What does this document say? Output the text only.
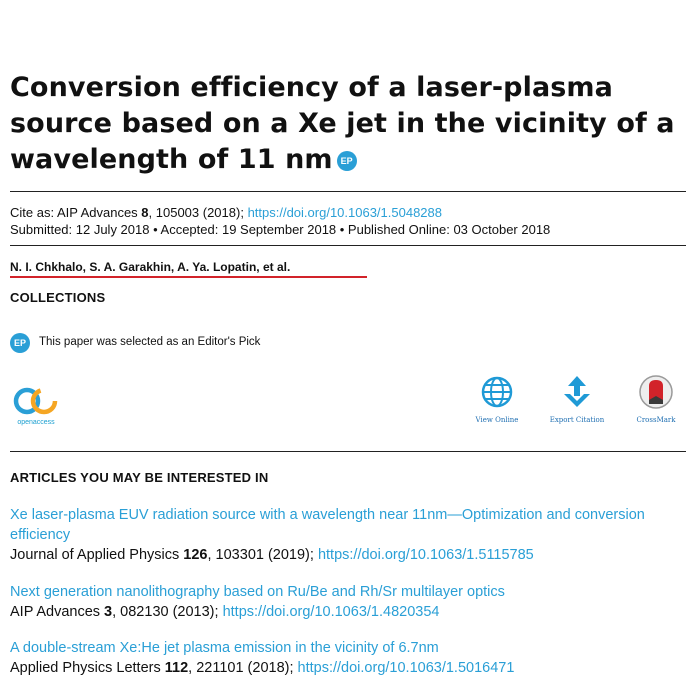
Conversion efficiency of a laser-plasma source based on a Xe jet in the vicinity of a wavelength of 11 nm EP
Cite as: AIP Advances 8, 105003 (2018); https://doi.org/10.1063/1.5048288
Submitted: 12 July 2018 • Accepted: 19 September 2018 • Published Online: 03 October 2018
N. I. Chkhalo, S. A. Garakhin, A. Ya. Lopatin, et al.
COLLECTIONS
EP	This paper was selected as an Editor's Pick
openaccess	View Online	Export Citation	CrossMark
ARTICLES YOU MAY BE INTERESTED IN
Xe laser-plasma EUV radiation source with a wavelength near 11nm—Optimization and conversion efficiency
Journal of Applied Physics 126, 103301 (2019); https://doi.org/10.1063/1.5115785
Next generation nanolithography based on Ru/Be and Rh/Sr multilayer optics
AIP Advances 3, 082130 (2013); https://doi.org/10.1063/1.4820354
A double-stream Xe:He jet plasma emission in the vicinity of 6.7nm
Applied Physics Letters 112, 221101 (2018); https://doi.org/10.1063/1.5016471
